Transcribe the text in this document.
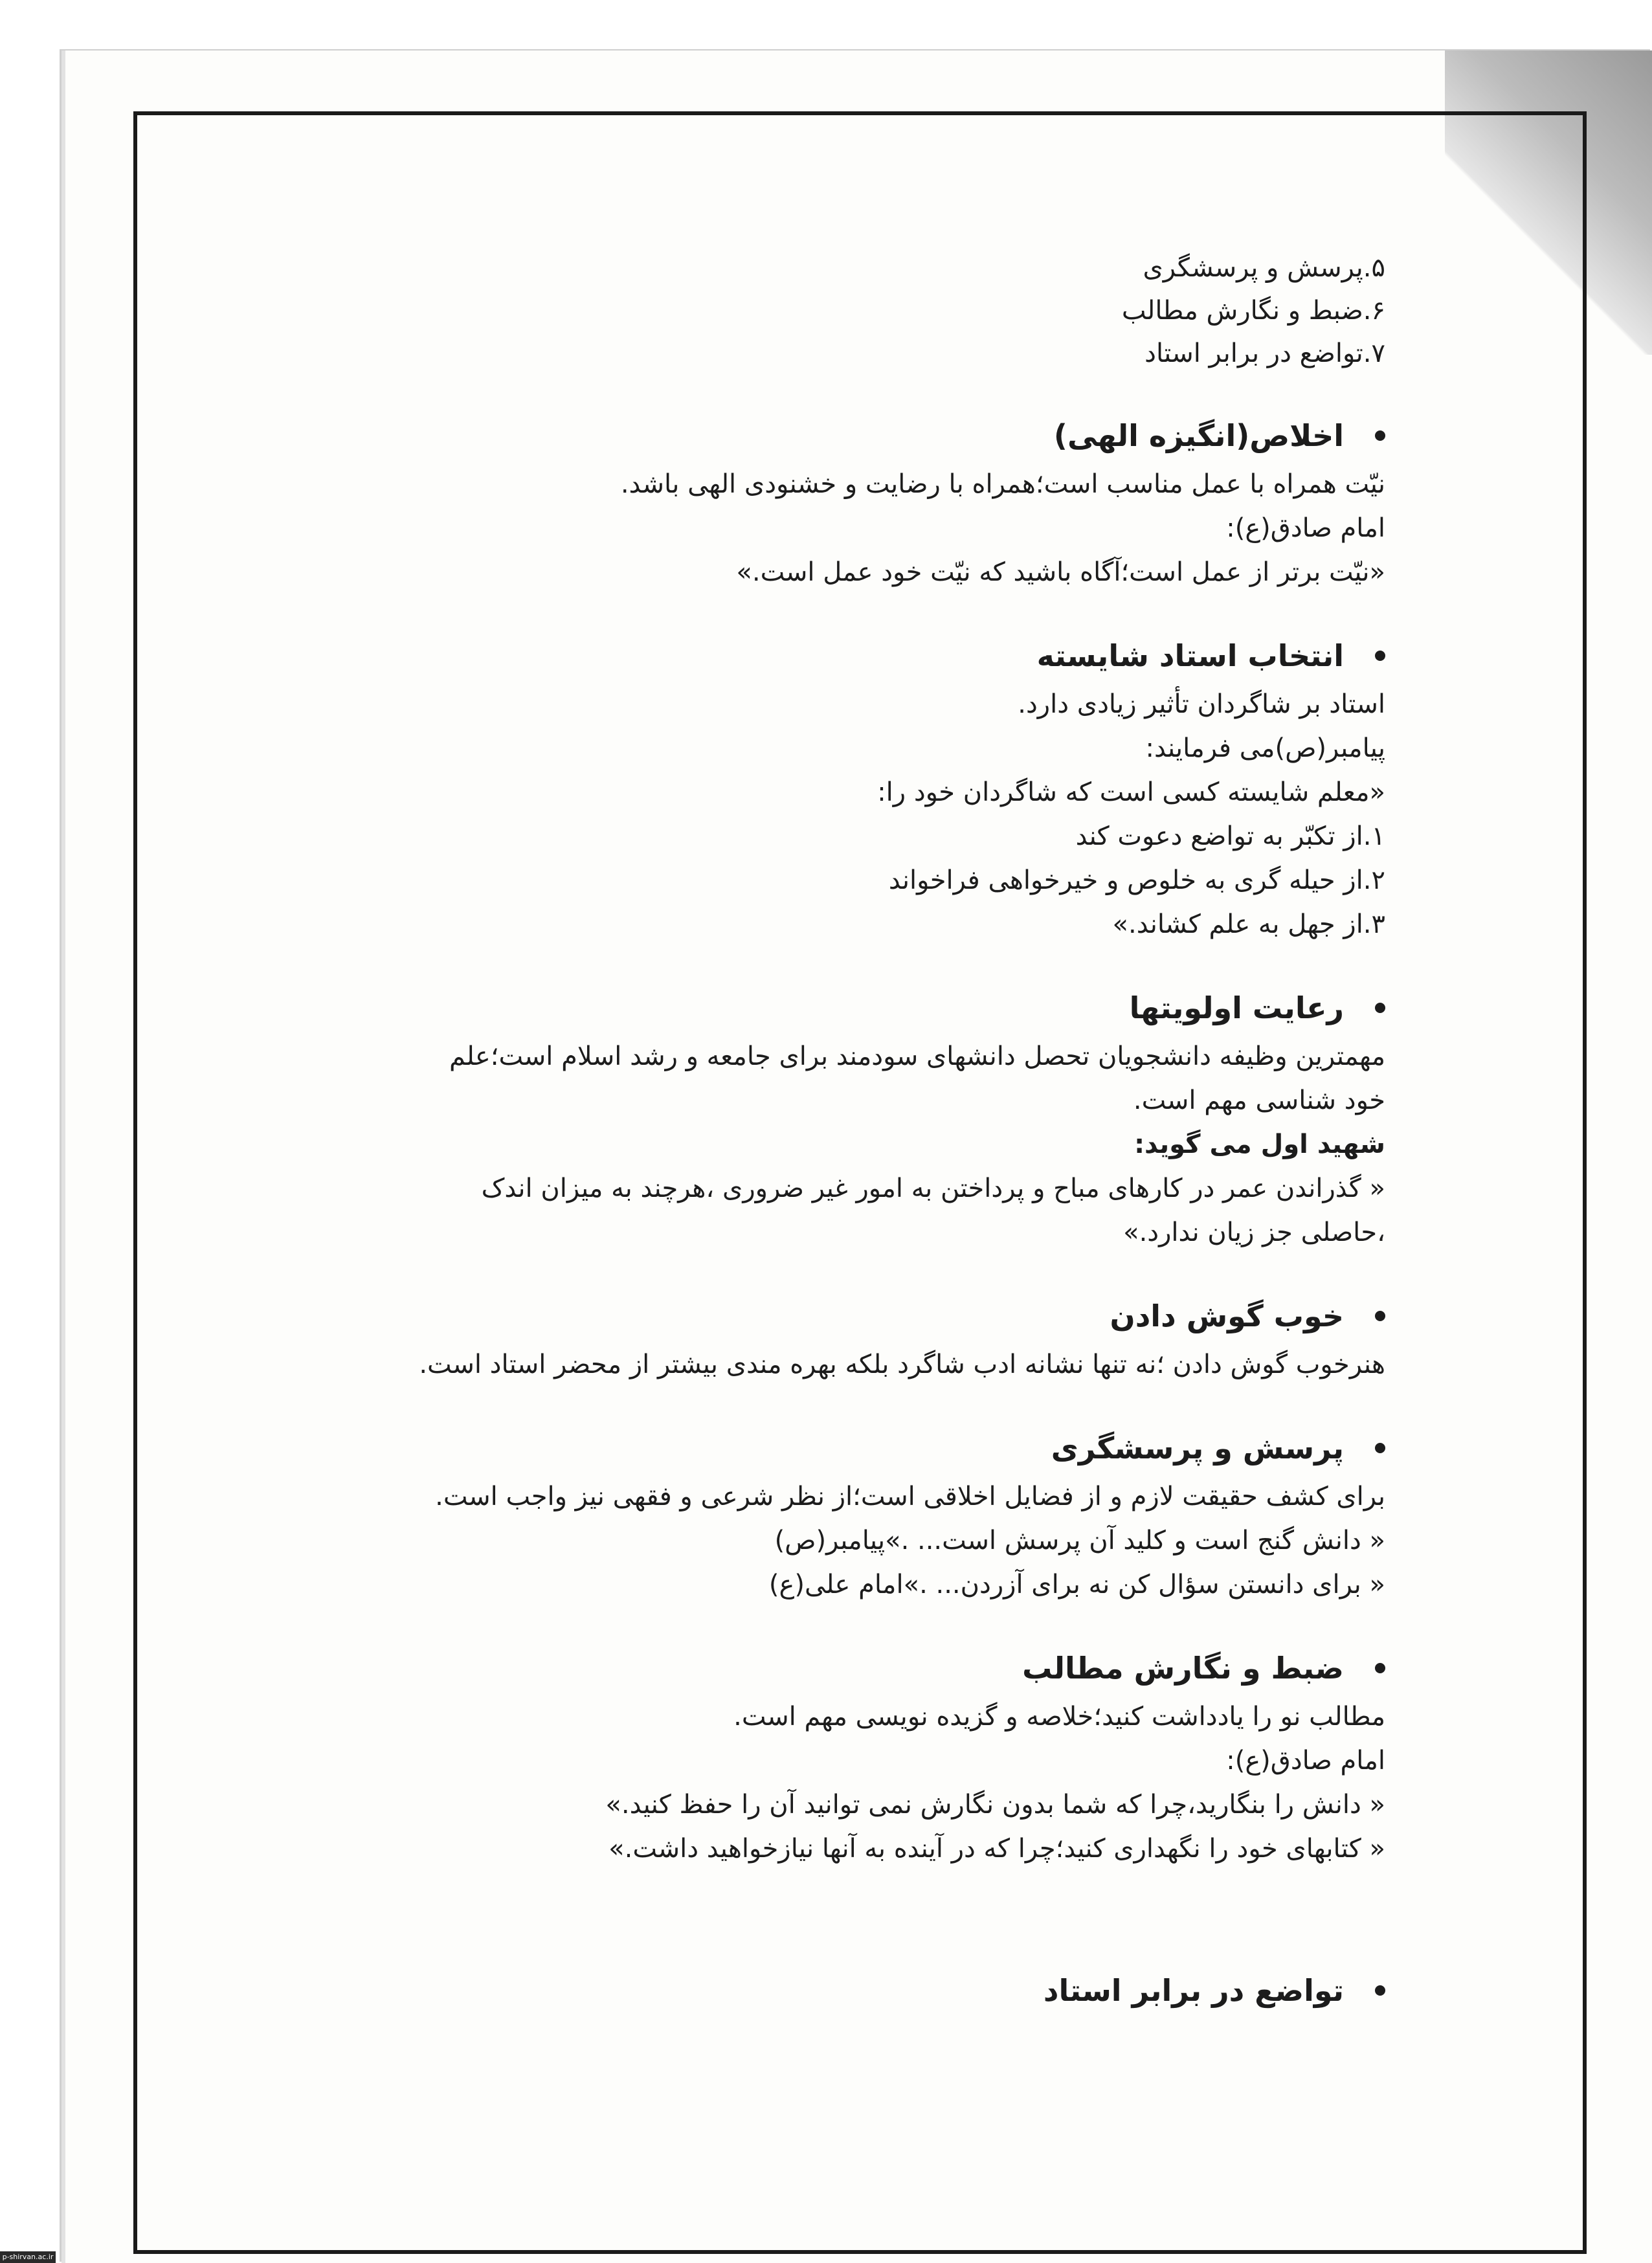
۵.پرسش و پرسشگری
۶.ضبط و نگارش مطالب
۷.تواضع در برابر استاد
اخلاص(انگیزه الهی)
نیّت همراه با عمل مناسب است؛همراه با رضایت و خشنودی الهی باشد.
امام صادق(ع):
«نیّت برتر از عمل است؛آگاه باشید که نیّت خود عمل است.»
انتخاب استاد شایسته
استاد بر شاگردان تأثیر زیادی دارد.
پیامبر(ص)می فرمایند:
«معلم شایسته کسی است که شاگردان خود را:
۱.از تکبّر به تواضع دعوت کند
۲.از حیله گری به خلوص و خیرخواهی فراخواند
۳.از جهل به علم کشاند.»
رعایت اولویتها
مهمترین وظیفه دانشجویان تحصل دانشهای سودمند برای جامعه و رشد اسلام است؛علم
خود شناسی مهم است.
شهید اول می گوید:
« گذراندن عمر در کارهای مباح و پرداختن به امور غیر ضروری ،هرچند به میزان اندک
،حاصلی جز زیان ندارد.»
خوب گوش دادن
هنرخوب گوش دادن ؛نه تنها نشانه ادب شاگرد بلکه بهره مندی بیشتر از محضر استاد است.
پرسش و پرسشگری
برای کشف حقیقت لازم و از فضایل اخلاقی است؛از نظر شرعی و فقهی نیز واجب است.
« دانش گنج است و کلید آن پرسش است... .»پیامبر(ص)
« برای دانستن سؤال کن نه برای آزردن... .»امام علی(ع)
ضبط و نگارش مطالب
مطالب نو را یادداشت کنید؛خلاصه و گزیده نویسی مهم است.
امام صادق(ع):
« دانش را بنگارید،چرا که شما بدون نگارش نمی توانید آن را حفظ کنید.»
« کتابهای خود را نگهداری کنید؛چرا که در آینده به آنها نیازخواهید داشت.»
تواضع در برابر استاد
p-shirvan.ac.ir
